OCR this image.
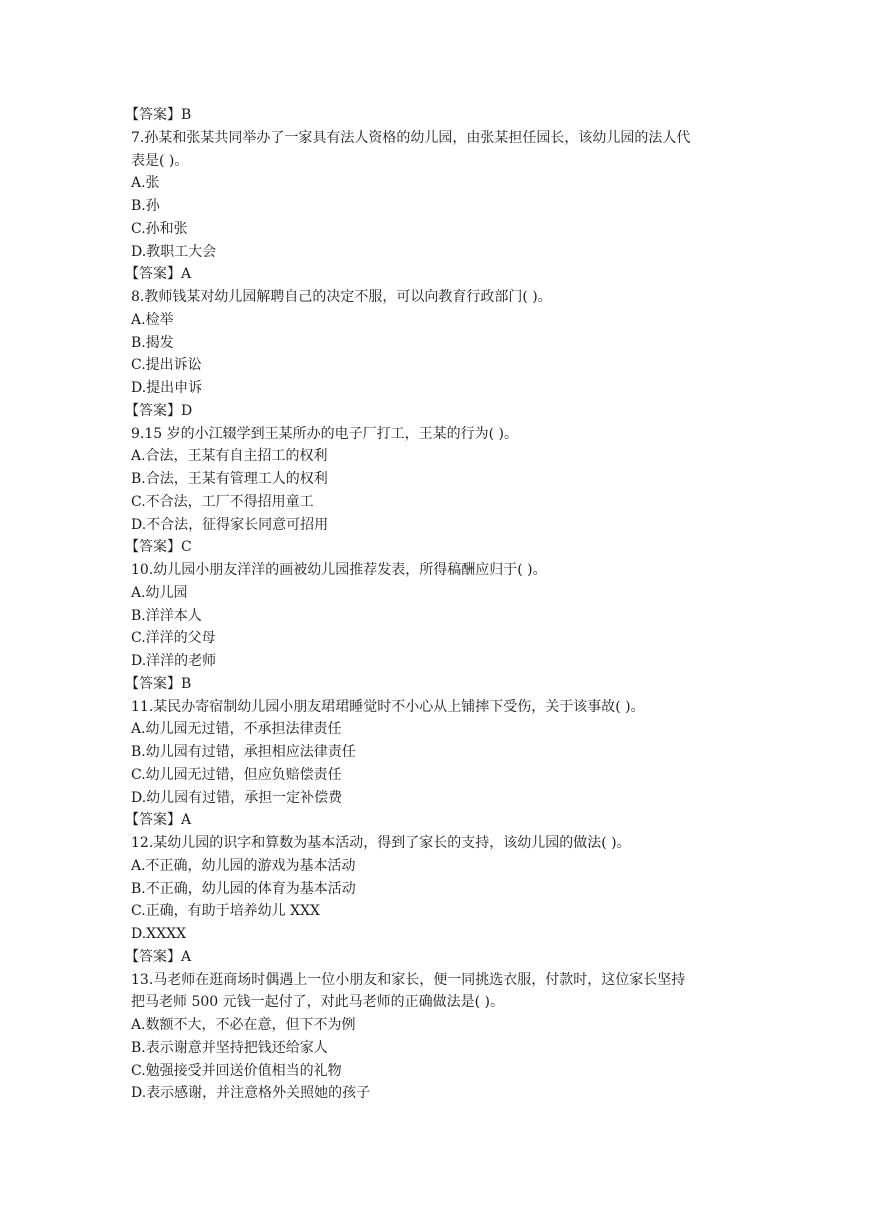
【答案】B
7.孙某和张某共同举办了一家具有法人资格的幼儿园，由张某担任园长，该幼儿园的法人代
表是( )。
A.张
B.孙
C.孙和张
D.教职工大会
【答案】A
8.教师钱某对幼儿园解聘自己的决定不服，可以向教育行政部门( )。
A.检举
B.揭发
C.提出诉讼
D.提出申诉
【答案】D
9.15 岁的小江辍学到王某所办的电子厂打工，王某的行为( )。
A.合法，王某有自主招工的权利
B.合法，王某有管理工人的权利
C.不合法，工厂不得招用童工
D.不合法，征得家长同意可招用
【答案】C
10.幼儿园小朋友洋洋的画被幼儿园推荐发表，所得稿酬应归于( )。
A.幼儿园
B.洋洋本人
C.洋洋的父母
D.洋洋的老师
【答案】B
11.某民办寄宿制幼儿园小朋友珺珺睡觉时不小心从上铺摔下受伤，关于该事故( )。
A.幼儿园无过错，不承担法律责任
B.幼儿园有过错，承担相应法律责任
C.幼儿园无过错，但应负赔偿责任
D.幼儿园有过错，承担一定补偿费
【答案】A
12.某幼儿园的识字和算数为基本活动，得到了家长的支持，该幼儿园的做法( )。
A.不正确，幼儿园的游戏为基本活动
B.不正确，幼儿园的体育为基本活动
C.正确，有助于培养幼儿 XXX
D.XXXX
【答案】A
13.马老师在逛商场时偶遇上一位小朋友和家长，便一同挑选衣服，付款时，这位家长坚持
把马老师 500 元钱一起付了，对此马老师的正确做法是( )。
A.数额不大，不必在意，但下不为例
B.表示谢意并坚持把钱还给家人
C.勉强接受并回送价值相当的礼物
D.表示感谢，并注意格外关照她的孩子
